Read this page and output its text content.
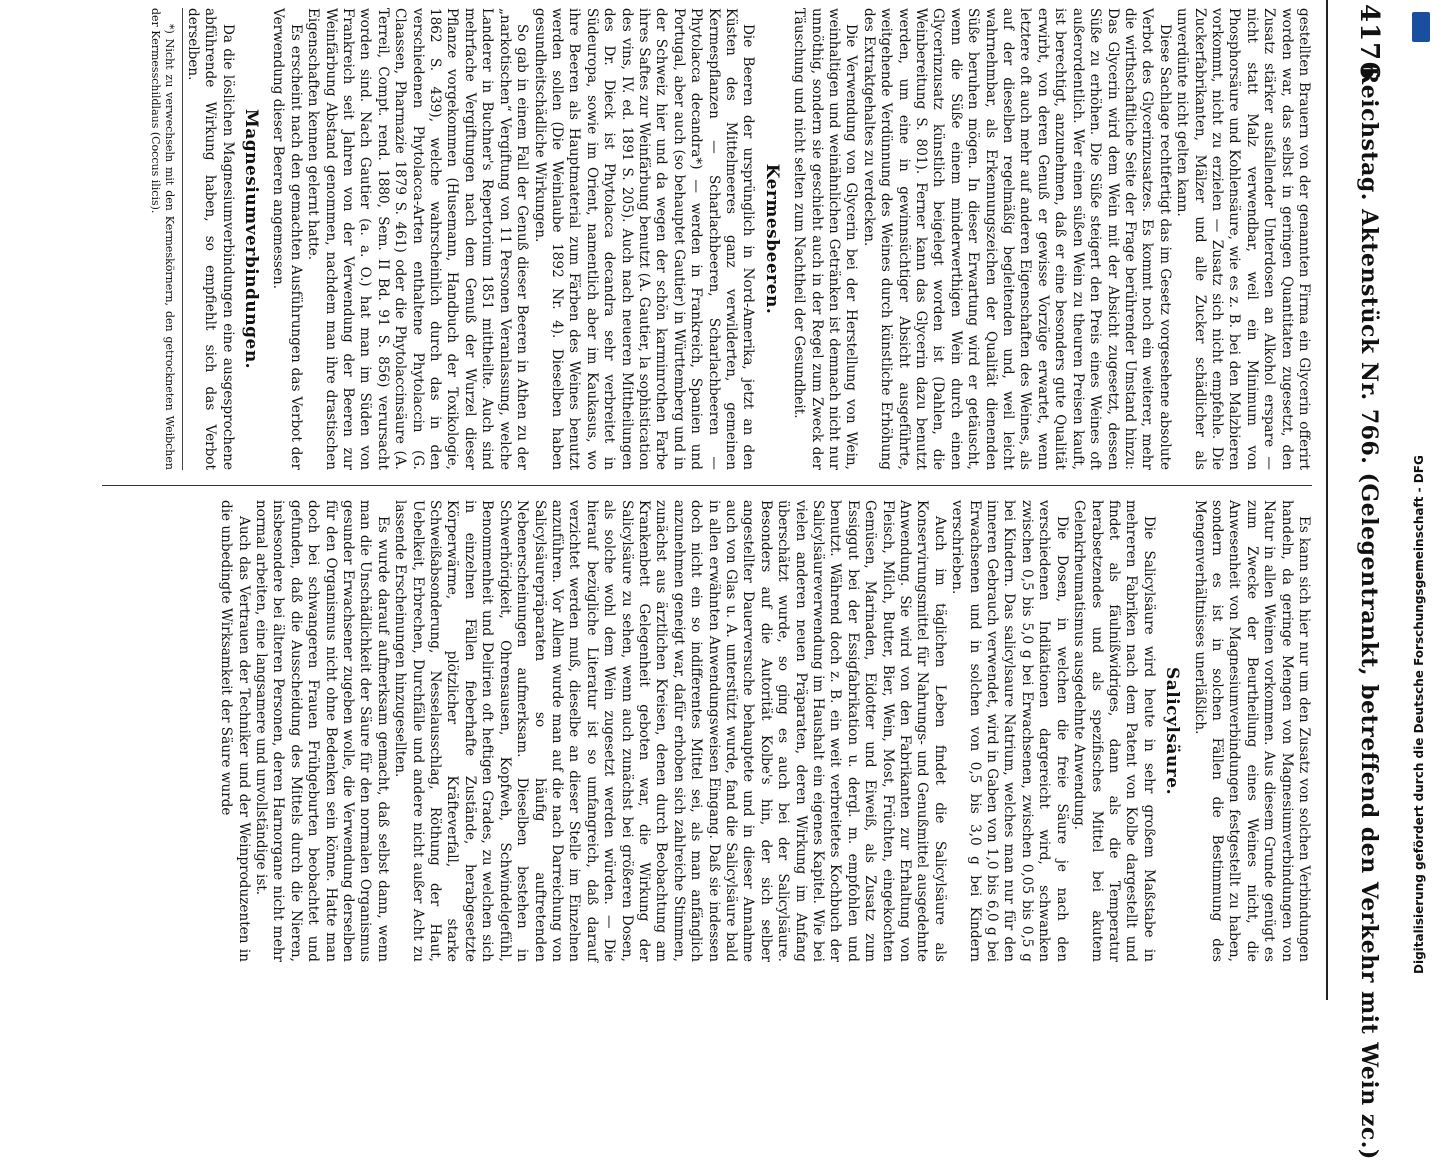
4176
Reichstag. Aktenstück Nr. 766. (Gelegentrankt, betreffend den Verkehr mit Wein zc.)

gestellten Brauern von der genannten Firma ein Glycerin offerirt worden war, das selbst in geringen Quantitaten zugesetzt, den Zusatz stärker ausfallender Unterdosen an Alkohol erspare — nicht statt Malz verwendbar, weil ein Minimum von Phosphorsäure und Kohlensäure, wie es z. B. bei den Malzbieren vorkommt, nicht zu erzielen — Zusatz sich nicht empfehle. Die Zuckerfabrikanten, Mälzer und alle Zucker schädlicher als unverdünte nicht gelten kann.

Diese Sachlage rechtfertigt das im Gesetz vorgesehene absolute Verbot des Glycerinzusatzes. Es kommt noch ein weiterer, mehr die wirthschaftliche Seite der Frage berührender Umstand hinzu: Das Glycerin wird dem Wein mit der Absicht zugesetzt, dessen Süße zu erhöhen. Die Süße steigert den Preis eines Weines oft außerordentlich. Wer einen süßen Wein zu theuren Preisen kauft, ist berechtigt, anzunehmen, daß er eine besonders gute Qualität erwirbt, von deren Genuß er gewisse Vorzüge erwartet, wenn letztere oft auch mehr auf anderen Eigenschaften des Weines, als auf der dieselben regelmäßig begleitenden und, weil leicht wahrnehmbar, als Erkennungszeichen der Qualität dienenden Süße beruhen mögen. In dieser Erwartung wird er getäuscht, wenn die Süße einem minderwerthigen Wein durch einen Glycerinzusatz künstlich beigelegt worden ist (Dahlen, die Weinbereitung S. 801). Ferner kann das Glycerin dazu benutzt werden, um eine in gewinnsüchtiger Absicht ausgeführte, weitgehende Verdünnung des Weines durch künstliche Erhöhung des Extraktgehaltes zu verdecken.

Die Verwendung von Glycerin bei der Herstellung von Wein, weinhaltigen und weinähnlichen Getränken ist demnach nicht nur unnöthig, sondern sie geschieht auch in der Regel zum Zweck der Täuschung und nicht selten zum Nachtheil der Gesundheit.

Kermesbeeren.

Die Beeren der ursprünglich in Nord-Amerika, jetzt an den Küsten des Mittelmeeres ganz verwilderten, gemeinen Kermespflanzen — Scharlachbeeren, Scharlachbeeren — Phytolacca decandra*) — werden in Frankreich, Spanien und Portugal, aber auch (so behauptet Gautier) in Württemberg und in der Schweiz hier und da wegen der schön karminrothen Farbe ihres Saftes zur Weinfärbung benutzt (A. Gautier, la sophistication des vins, IV. ed. 1891 S. 205). Auch nach neueren Mittheilungen des Dr. Dieck ist Phytolacca decandra sehr verbreitet in Südeuropa, sowie im Orient, namentlich aber im Kaukasus, wo ihre Beeren als Hauptmaterial zum Färben des Weines benutzt werden sollen (Die Weinlaube 1892 Nr. 4). Dieselben haben gesundheitschädliche Wirkungen.

So gab in einem Fall der Genuß dieser Beeren in Athen zu der „narkotischen“ Vergiftung von 11 Personen Veranlassung, welche Landerer in Buchner's Repertorium 1851 mittheilte. Auch sind mehrfache Vergiftungen nach dem Genuß der Wurzel dieser Pflanze vorgekommen (Husemann, Handbuch der Toxikologie, 1862 S. 439), welche wahrscheinlich durch das in den verschiedenen Phytolacca-Arten enthaltene Phytolaccin (G. Claassen, Pharmazie 1879 S. 461) oder die Phytolaccinsäure (A. Terreil, Compt. rend. 1880, Sem. II Bd. 91 S. 856) verursacht worden sind. Nach Gautier (a. a. O.) hat man im Süden von Frankreich seit Jahren von der Verwendung der Beeren zur Weinfärbung Abstand genommen, nachdem man ihre drastischen Eigenschaften kennen gelernt hatte.

Es erscheint nach den gemachten Ausführungen das Verbot der Verwendung dieser Beeren angemessen.

Magnesiumverbindungen.

Da die löslichen Magnesiumverbindungen eine ausgesprochene abführende Wirkung haben, so empfiehlt sich das Verbot derselben.

*) Nicht zu verwechseln mit den Kermeskörnern, den getrockneten Weibchen der Kermesschildlaus (Coccus ilicis).

Es kann sich hier nur um den Zusatz von solchen Verbindungen handeln, da geringe Mengen von Magnesiumverbindungen von Natur in allen Weinen vorkommen. Aus diesem Grunde genügt es zum Zwecke der Beurtheilung eines Weines nicht, die Anwesenheit von Magnesiumverbindungen festgestellt zu haben, sondern es ist in solchen Fällen die Bestimmung des Mengenverhältnisses unerläßlich.

Salicylsäure.

Die Salicylsäure wird heute in sehr großem Maßstabe in mehreren Fabriken nach dem Patent von Kolbe dargestellt und findet als fäulnißwidriges, dann als die Temperatur herabsetzendes und als spezifisches Mittel bei akutem Gelenkrheumatismus ausgedehnte Anwendung.

Die Dosen, in welchen die freie Säure je nach den verschiedenen Indikationen dargereicht wird, schwanken zwischen 0,5 bis 5,0 g bei Erwachsenen, zwischen 0,05 bis 0,5 g bei Kindern. Das salicylsaure Natrium, welches man nur für den inneren Gebrauch verwendet, wird in Gaben von 1,0 bis 6,0 g bei Erwachsenen und in solchen von 0,5 bis 3,0 g bei Kindern verschrieben.

Auch im täglichen Leben findet die Salicylsäure als Konservirungsmittel für Nahrungs- und Genußmittel ausgedehnte Anwendung. Sie wird von den Fabrikanten zur Erhaltung von Fleisch, Milch, Butter, Bier, Wein, Most, Früchten, eingekochten Gemüsen, Marinaden, Eidotter und Eiweiß, als Zusatz zum Essiggut bei der Essigfabrikation u. dergl. m. empfohlen und benutzt. Während doch z. B. ein weit verbreitetes Kochbuch der Salicylsäureverwendung im Haushalt ein eigenes Kapitel. Wie bei vielen anderen neuen Präparaten, deren Wirkung im Anfang überschätzt wurde, so ging es auch bei der Salicylsäure. Besonders auf die Autorität Kolbe's hin, der sich selber angestellter Dauerversuche behauptete und in dieser Annahme auch von Glas u. A. unterstützt wurde, fand die Salicylsäure bald in allen erwähnten Anwendungsweisen Eingang. Daß sie indessen doch nicht ein so indifferentes Mittel sei, als man anfänglich anzunehmen geneigt war, dafür erhoben sich zahlreiche Stimmen, zunächst aus ärztlichen Kreisen, denen durch Beobachtung am Krankenbett Gelegenheit geboten war, die Wirkung der Salicylsäure zu sehen, wenn auch zunächst bei größeren Dosen, als solche wohl dem Wein zugesetzt werden würden. — Die hierauf bezügliche Literatur ist so umfangreich, daß darauf verzichtet werden muß, dieselbe an dieser Stelle im Einzelnen anzuführen. Vor Allem wurde man auf die nach Darreichung von Salicylsäurepräparaten so häufig auftretenden Nebenerscheinungen aufmerksam. Dieselben bestehen in Schwerhörigkeit, Ohrensausen, Kopfweh, Schwindelgefühl, Benommenheit und Delirien oft heftigen Grades, zu welchen sich in einzelnen Fällen fieberhafte Zustände, herabgesetzte Körperwärme, plötzlicher Kräfteverfall, starke Schweißabsonderung, Nesselausschlag, Röthung der Haut, Uebelkeit, Erbrechen, Durchfälle und andere nicht außer Acht zu lassende Erscheinungen hinzugesellten.

Es wurde darauf aufmerksam gemacht, daß selbst dann, wenn man die Unschädlichkeit der Säure für den normalen Organismus gesunder Erwachsener zugeben wolle, die Verwendung derselben für den Organismus nicht ohne Bedenken sein könne. Hatte man doch bei schwangeren Frauen Frühgeburten beobachtet und gefunden, daß die Ausscheidung des Mittels durch die Nieren, insbesondere bei älteren Personen, deren Harnorgane nicht mehr normal arbeiten, eine langsamere und unvollständige ist.

Auch das Vertrauen der Techniker und der Weinproduzenten in die unbedingte Wirksamkeit der Säure wurde	Digitalisierung gefördert durch die Deutsche Forschungsgemeinschaft - DFG
